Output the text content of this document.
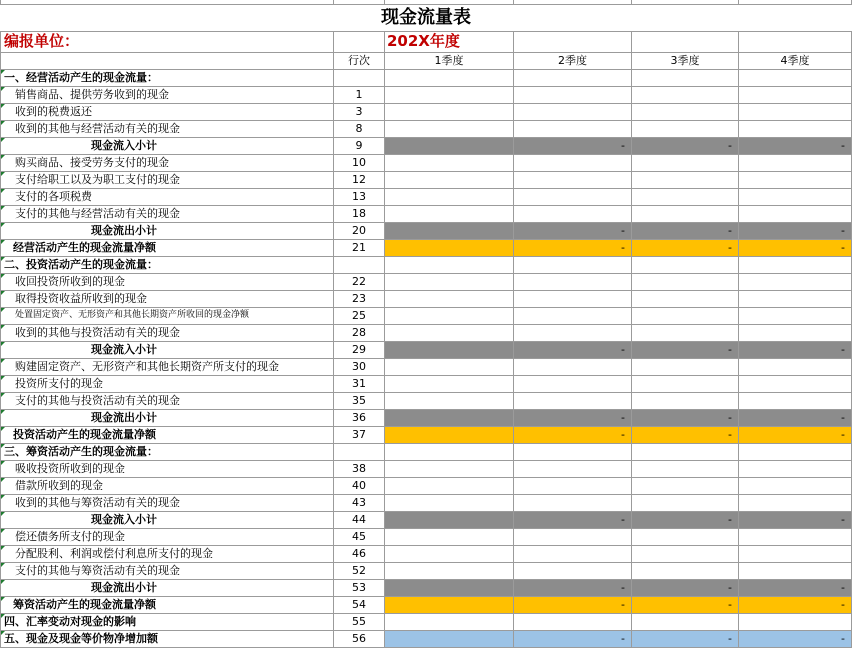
现金流量表					
编报单位：		202X年度			
	行次	1季度	2季度	3季度	4季度
一、经营活动产生的现金流量：					
销售商品、提供劳务收到的现金	1				
收到的税费返还	3				
收到的其他与经营活动有关的现金	8				
现金流入小计	9		-	-	-
购买商品、接受劳务支付的现金	10				
支付给职工以及为职工支付的现金	12				
支付的各项税费	13				
支付的其他与经营活动有关的现金	18				
现金流出小计	20		-	-	-
经营活动产生的现金流量净额	21		-	-	-
二、投资活动产生的现金流量：					
收回投资所收到的现金	22				
取得投资收益所收到的现金	23				
处置固定资产、无形资产和其他长期资产所收回的现金净额	25				
收到的其他与投资活动有关的现金	28				
现金流入小计	29		-	-	-
购建固定资产、无形资产和其他长期资产所支付的现金	30				
投资所支付的现金	31				
支付的其他与投资活动有关的现金	35				
现金流出小计	36		-	-	-
投资活动产生的现金流量净额	37		-	-	-
三、筹资活动产生的现金流量：					
吸收投资所收到的现金	38				
借款所收到的现金	40				
收到的其他与筹资活动有关的现金	43				
现金流入小计	44		-	-	-
偿还债务所支付的现金	45				
分配股利、利润或偿付利息所支付的现金	46				
支付的其他与筹资活动有关的现金	52				
现金流出小计	53		-	-	-
筹资活动产生的现金流量净额	54		-	-	-
四、汇率变动对现金的影响	55				
五、现金及现金等价物净增加额	56		-	-	-
